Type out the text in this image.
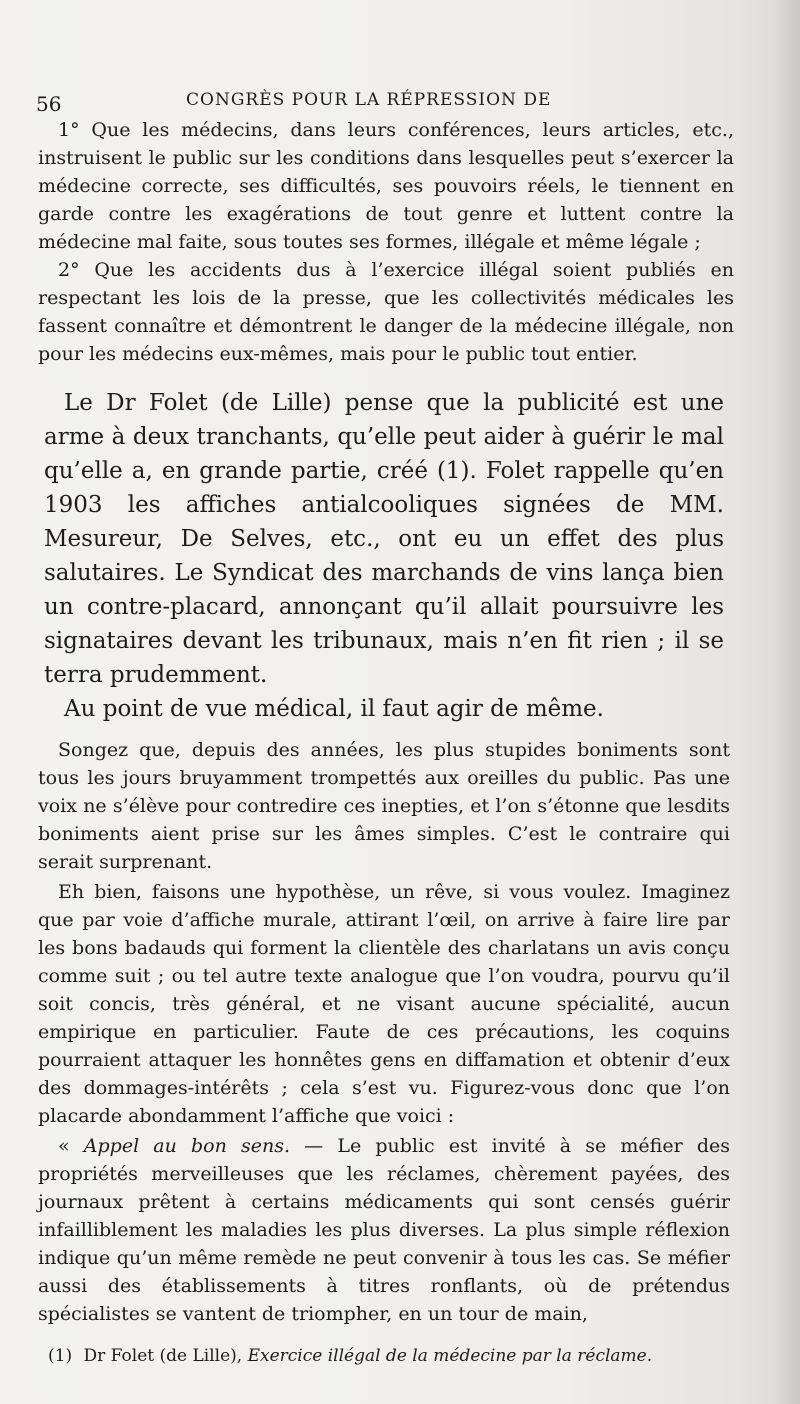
56	CONGRÈS POUR LA RÉPRESSION DE

1° Que les médecins, dans leurs conférences, leurs articles, etc., instruisent le public sur les conditions dans lesquelles peut s’exercer la médecine correcte, ses difficultés, ses pouvoirs réels, le tiennent en garde contre les exagérations de tout genre et luttent contre la médecine mal faite, sous toutes ses formes, illégale et même légale ;

2° Que les accidents dus à l’exercice illégal soient publiés en respectant les lois de la presse, que les collectivités médicales les fassent connaître et démontrent le danger de la médecine illégale, non pour les médecins eux-mêmes, mais pour le public tout entier.

Le Dr Folet (de Lille) pense que la publicité est une arme à deux tranchants, qu’elle peut aider à guérir le mal qu’elle a, en grande partie, créé (1). Folet rappelle qu’en 1903 les affiches antialcooliques signées de MM. Mesureur, De Selves, etc., ont eu un effet des plus salutaires. Le Syndicat des marchands de vins lança bien un contre-placard, annonçant qu’il allait poursuivre les signataires devant les tribunaux, mais n’en fit rien ; il se terra prudemment.

Au point de vue médical, il faut agir de même.

Songez que, depuis des années, les plus stupides boniments sont tous les jours bruyamment trompettés aux oreilles du public. Pas une voix ne s’élève pour contredire ces inepties, et l’on s’étonne que lesdits boniments aient prise sur les âmes simples. C’est le contraire qui serait surprenant.

Eh bien, faisons une hypothèse, un rêve, si vous voulez. Imaginez que par voie d’affiche murale, attirant l’œil, on arrive à faire lire par les bons badauds qui forment la clientèle des charlatans un avis conçu comme suit ; ou tel autre texte analogue que l’on voudra, pourvu qu’il soit concis, très général, et ne visant aucune spécialité, aucun empirique en particulier. Faute de ces précautions, les coquins pourraient attaquer les honnêtes gens en diffamation et obtenir d’eux des dommages-intérêts ; cela s’est vu. Figurez-vous donc que l’on placarde abondamment l’affiche que voici :

« Appel au bon sens. — Le public est invité à se méfier des propriétés merveilleuses que les réclames, chèrement payées, des journaux prêtent à certains médicaments qui sont censés guérir infailliblement les maladies les plus diverses. La plus simple réflexion indique qu’un même remède ne peut convenir à tous les cas. Se méfier aussi des établissements à titres ronflants, où de prétendus spécialistes se vantent de triompher, en un tour de main,

(1) Dr Folet (de Lille), Exercice illégal de la médecine par la réclame.
